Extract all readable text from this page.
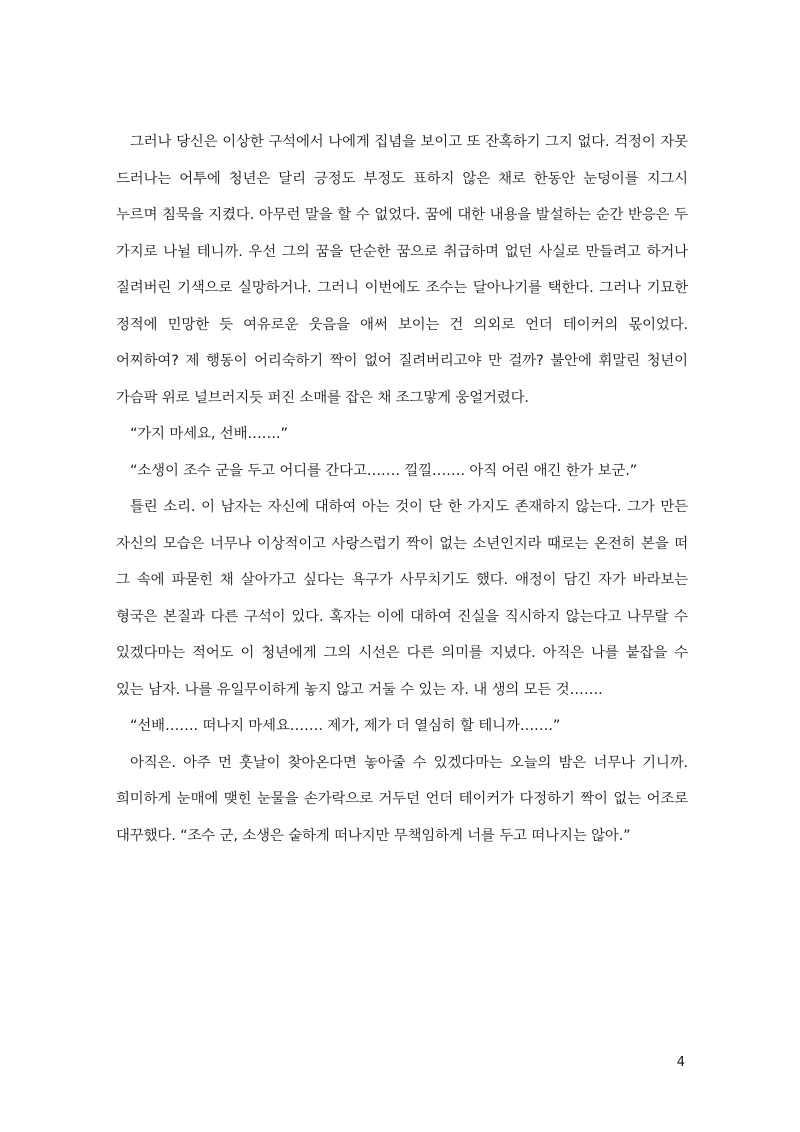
그러나 당신은 이상한 구석에서 나에게 집념을 보이고 또 잔혹하기 그지 없다. 걱정이 자못 드러나는 어투에 청년은 달리 긍정도 부정도 표하지 않은 채로 한동안 눈덩이를 지그시 누르며 침묵을 지켰다. 아무런 말을 할 수 없었다. 꿈에 대한 내용을 발설하는 순간 반응은 두 가지로 나뉠 테니까. 우선 그의 꿈을 단순한 꿈으로 취급하며 없던 사실로 만들려고 하거나 질려버린 기색으로 실망하거나. 그러니 이번에도 조수는 달아나기를 택한다. 그러나 기묘한 정적에 민망한 듯 여유로운 웃음을 애써 보이는 건 의외로 언더 테이커의 몫이었다. 어찌하여? 제 행동이 어리숙하기 짝이 없어 질려버리고야 만 걸까? 불안에 휘말린 청년이 가슴팍 위로 널브러지듯 퍼진 소매를 잡은 채 조그맣게 웅얼거렸다.

“가지 마세요, 선배…….”

“소생이 조수 군을 두고 어디를 간다고……. 낄낄……. 아직 어린 애긴 한가 보군.”

틀린 소리. 이 남자는 자신에 대하여 아는 것이 단 한 가지도 존재하지 않는다. 그가 만든 자신의 모습은 너무나 이상적이고 사랑스럽기 짝이 없는 소년인지라 때로는 온전히 본을 떠 그 속에 파묻힌 채 살아가고 싶다는 욕구가 사무치기도 했다. 애정이 담긴 자가 바라보는 형국은 본질과 다른 구석이 있다. 혹자는 이에 대하여 진실을 직시하지 않는다고 나무랄 수 있겠다마는 적어도 이 청년에게 그의 시선은 다른 의미를 지녔다. 아직은 나를 붙잡을 수 있는 남자. 나를 유일무이하게 놓지 않고 거둘 수 있는 자. 내 생의 모든 것…….

“선배……. 떠나지 마세요……. 제가, 제가 더 열심히 할 테니까…….”

아직은. 아주 먼 훗날이 찾아온다면 놓아줄 수 있겠다마는 오늘의 밤은 너무나 기니까. 희미하게 눈매에 맺힌 눈물을 손가락으로 거두던 언더 테이커가 다정하기 짝이 없는 어조로 대꾸했다. “조수 군, 소생은 숱하게 떠나지만 무책임하게 너를 두고 떠나지는 않아.”

4
